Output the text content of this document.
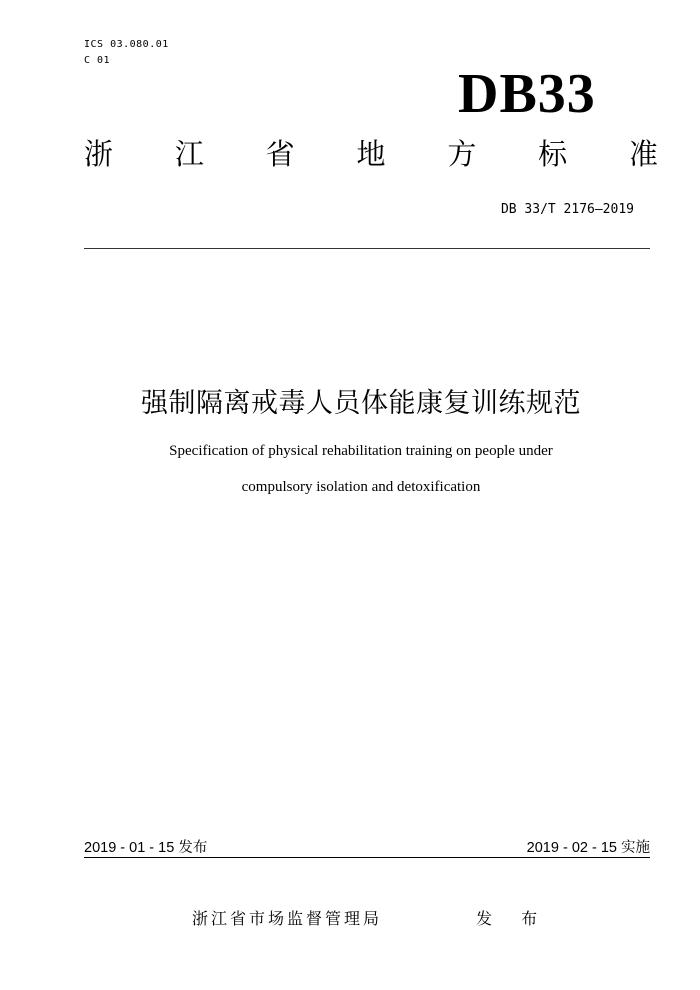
ICS 03.080.01
C 01
DB33
浙 江 省 地 方 标 准
DB 33/T 2176—2019
强制隔离戒毒人员体能康复训练规范
Specification of physical rehabilitation training on people under
compulsory isolation and detoxification
2019 - 01 - 15 发布	2019 - 02 - 15 实施
浙江省市场监督管理局	发 布
